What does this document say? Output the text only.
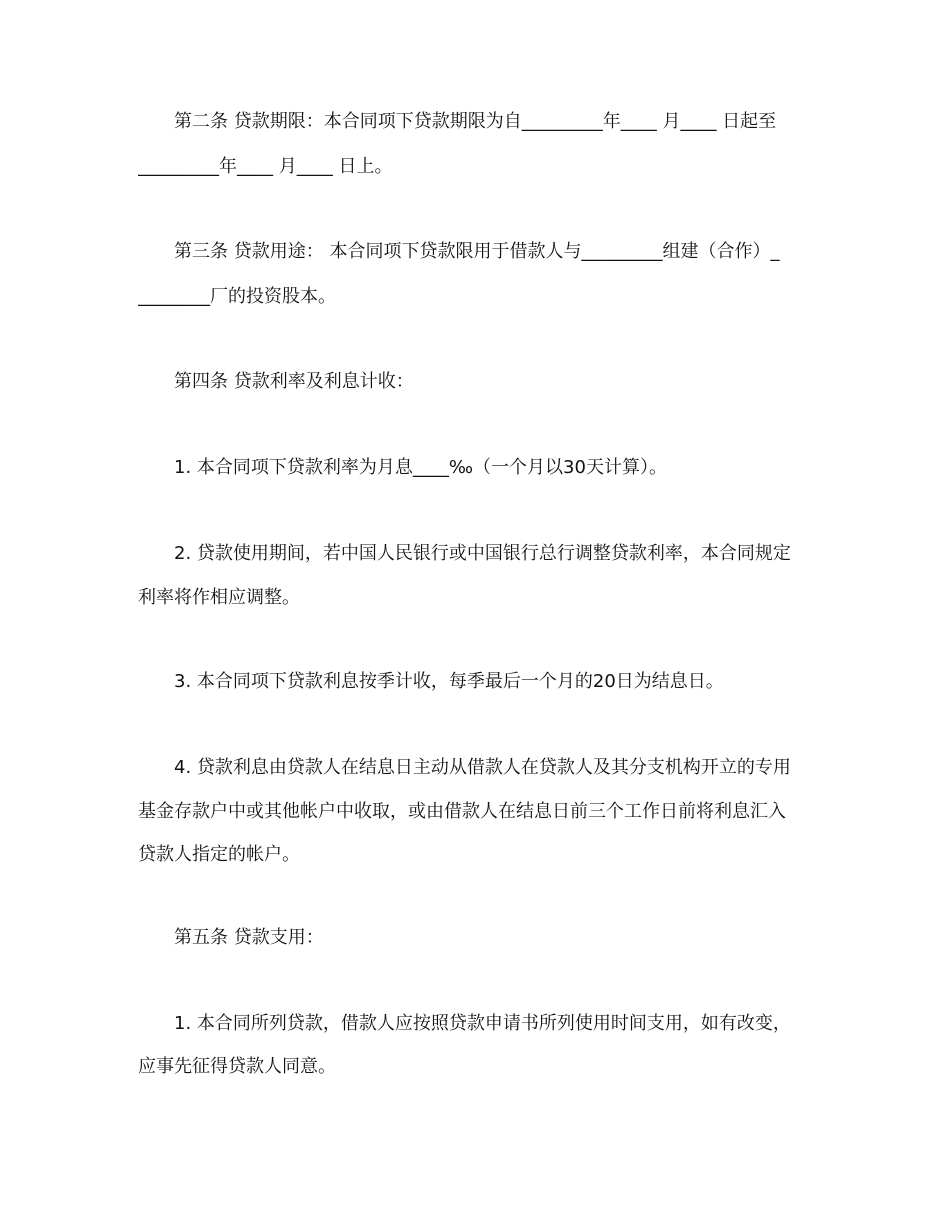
第二条 贷款期限：本合同项下贷款期限为自_________年____ 月____ 日起至
_________年____ 月____ 日上。
第三条 贷款用途： 本合同项下贷款限用于借款人与_________组建（合作）_
________厂的投资股本。
第四条 贷款利率及利息计收：
1. 本合同项下贷款利率为月息____‰（一个月以30天计算）。
2. 贷款使用期间，若中国人民银行或中国银行总行调整贷款利率，本合同规定
利率将作相应调整。
3. 本合同项下贷款利息按季计收，每季最后一个月的20日为结息日。
4. 贷款利息由贷款人在结息日主动从借款人在贷款人及其分支机构开立的专用
基金存款户中或其他帐户中收取，或由借款人在结息日前三个工作日前将利息汇入
贷款人指定的帐户。
第五条 贷款支用：
1. 本合同所列贷款，借款人应按照贷款申请书所列使用时间支用，如有改变，
应事先征得贷款人同意。
